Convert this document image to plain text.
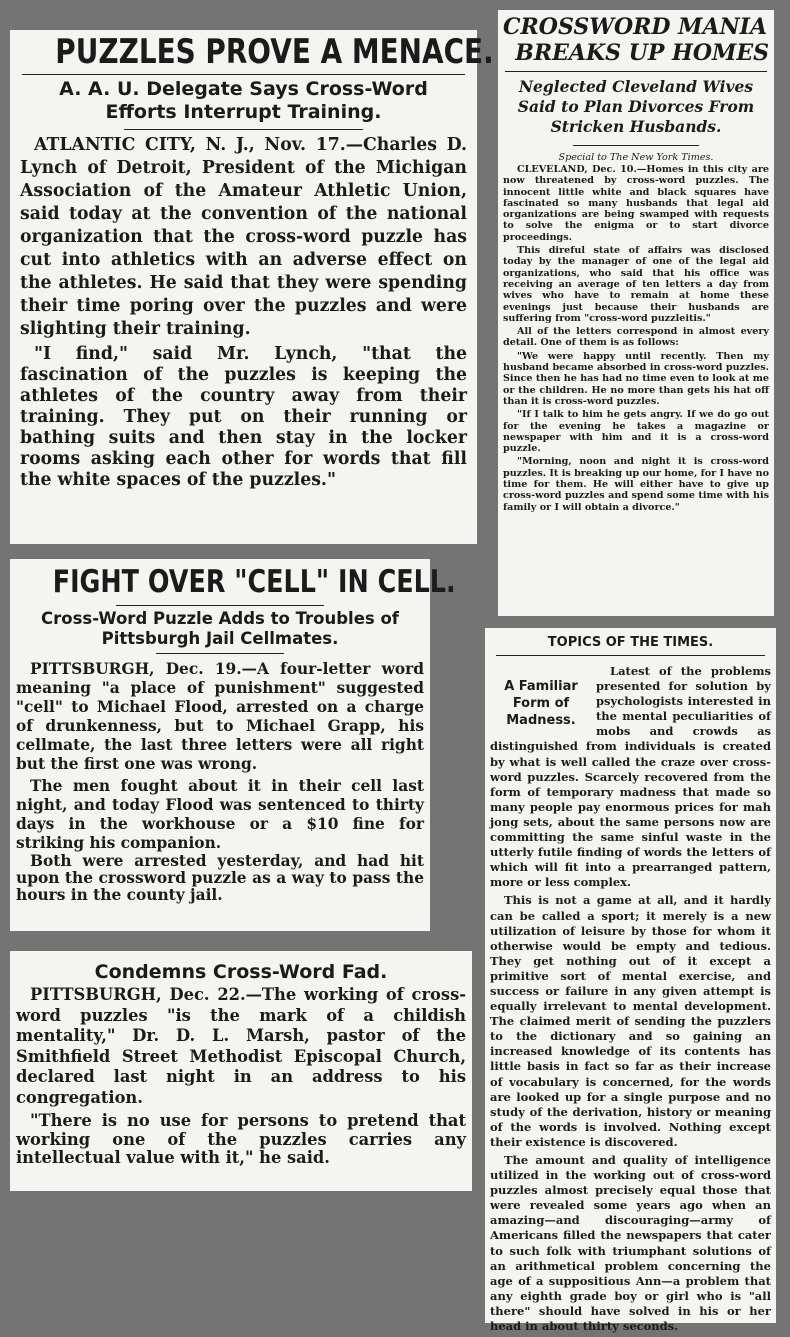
PUZZLES PROVE A MENACE.
A. A. U. Delegate Says Cross-Word Efforts Interrupt Training.

ATLANTIC CITY, N. J., Nov. 17.—Charles D. Lynch of Detroit, President of the Michigan Association of the Amateur Athletic Union, said today at the convention of the national organization that the cross-word puzzle has cut into athletics with an adverse effect on the athletes. He said that they were spending their time poring over the puzzles and were slighting their training.

"I find," said Mr. Lynch, "that the fascination of the puzzles is keeping the athletes of the country away from their training. They put on their running or bathing suits and then stay in the locker rooms asking each other for words that fill the white spaces of the puzzles."

CROSSWORD MANIA
BREAKS UP HOMES
Neglected Cleveland Wives Said to Plan Divorces From Stricken Husbands.
Special to The New York Times.

CLEVELAND, Dec. 10.—Homes in this city are now threatened by cross-word puzzles. The innocent little white and black squares have fascinated so many husbands that legal aid organizations are being swamped with requests to solve the enigma or to start divorce proceedings.

This direful state of affairs was disclosed today by the manager of one of the legal aid organizations, who said that his office was receiving an average of ten letters a day from wives who have to remain at home these evenings just because their husbands are suffering from "cross-word puzzleitis."

All of the letters correspond in almost every detail. One of them is as follows:

"We were happy until recently. Then my husband became absorbed in cross-word puzzles. Since then he has had no time even to look at me or the children. He no more than gets his hat off than it is cross-word puzzles.

"If I talk to him he gets angry. If we do go out for the evening he takes a magazine or newspaper with him and it is a cross-word puzzle.

"Morning, noon and night it is cross-word puzzles. It is breaking up our home, for I have no time for them. He will either have to give up cross-word puzzles and spend some time with his family or I will obtain a divorce."

FIGHT OVER "CELL" IN CELL.
Cross-Word Puzzle Adds to Troubles of Pittsburgh Jail Cellmates.

PITTSBURGH, Dec. 19.—A four-letter word meaning "a place of punishment" suggested "cell" to Michael Flood, arrested on a charge of drunkenness, but to Michael Grapp, his cellmate, the last three letters were all right but the first one was wrong.

The men fought about it in their cell last night, and today Flood was sentenced to thirty days in the workhouse or a $10 fine for striking his companion.

Both were arrested yesterday, and had hit upon the crossword puzzle as a way to pass the hours in the county jail.

Condemns Cross-Word Fad.

PITTSBURGH, Dec. 22.—The working of cross-word puzzles "is the mark of a childish mentality," Dr. D. L. Marsh, pastor of the Smithfield Street Methodist Episcopal Church, declared last night in an address to his congregation.

"There is no use for persons to pretend that working one of the puzzles carries any intellectual value with it," he said.

TOPICS OF THE TIMES.
A Familiar Form of Madness.

Latest of the problems presented for solution by psychologists interested in the mental peculiarities of mobs and crowds as distinguished from individuals is created by what is well called the craze over cross-word puzzles. Scarcely recovered from the form of temporary madness that made so many people pay enormous prices for mah jong sets, about the same persons now are committing the same sinful waste in the utterly futile finding of words the letters of which will fit into a prearranged pattern, more or less complex.

This is not a game at all, and it hardly can be called a sport; it merely is a new utilization of leisure by those for whom it otherwise would be empty and tedious. They get nothing out of it except a primitive sort of mental exercise, and success or failure in any given attempt is equally irrelevant to mental development. The claimed merit of sending the puzzlers to the dictionary and so gaining an increased knowledge of its contents has little basis in fact so far as their increase of vocabulary is concerned, for the words are looked up for a single purpose and no study of the derivation, history or meaning of the words is involved. Nothing except their existence is discovered.

The amount and quality of intelligence utilized in the working out of cross-word puzzles almost precisely equal those that were revealed some years ago when an amazing—and discouraging—army of Americans filled the newspapers that cater to such folk with triumphant solutions of an arithmetical problem concerning the age of a suppositious Ann—a problem that any eighth grade boy or girl who is "all there" should have solved in his or her head in about thirty seconds.
